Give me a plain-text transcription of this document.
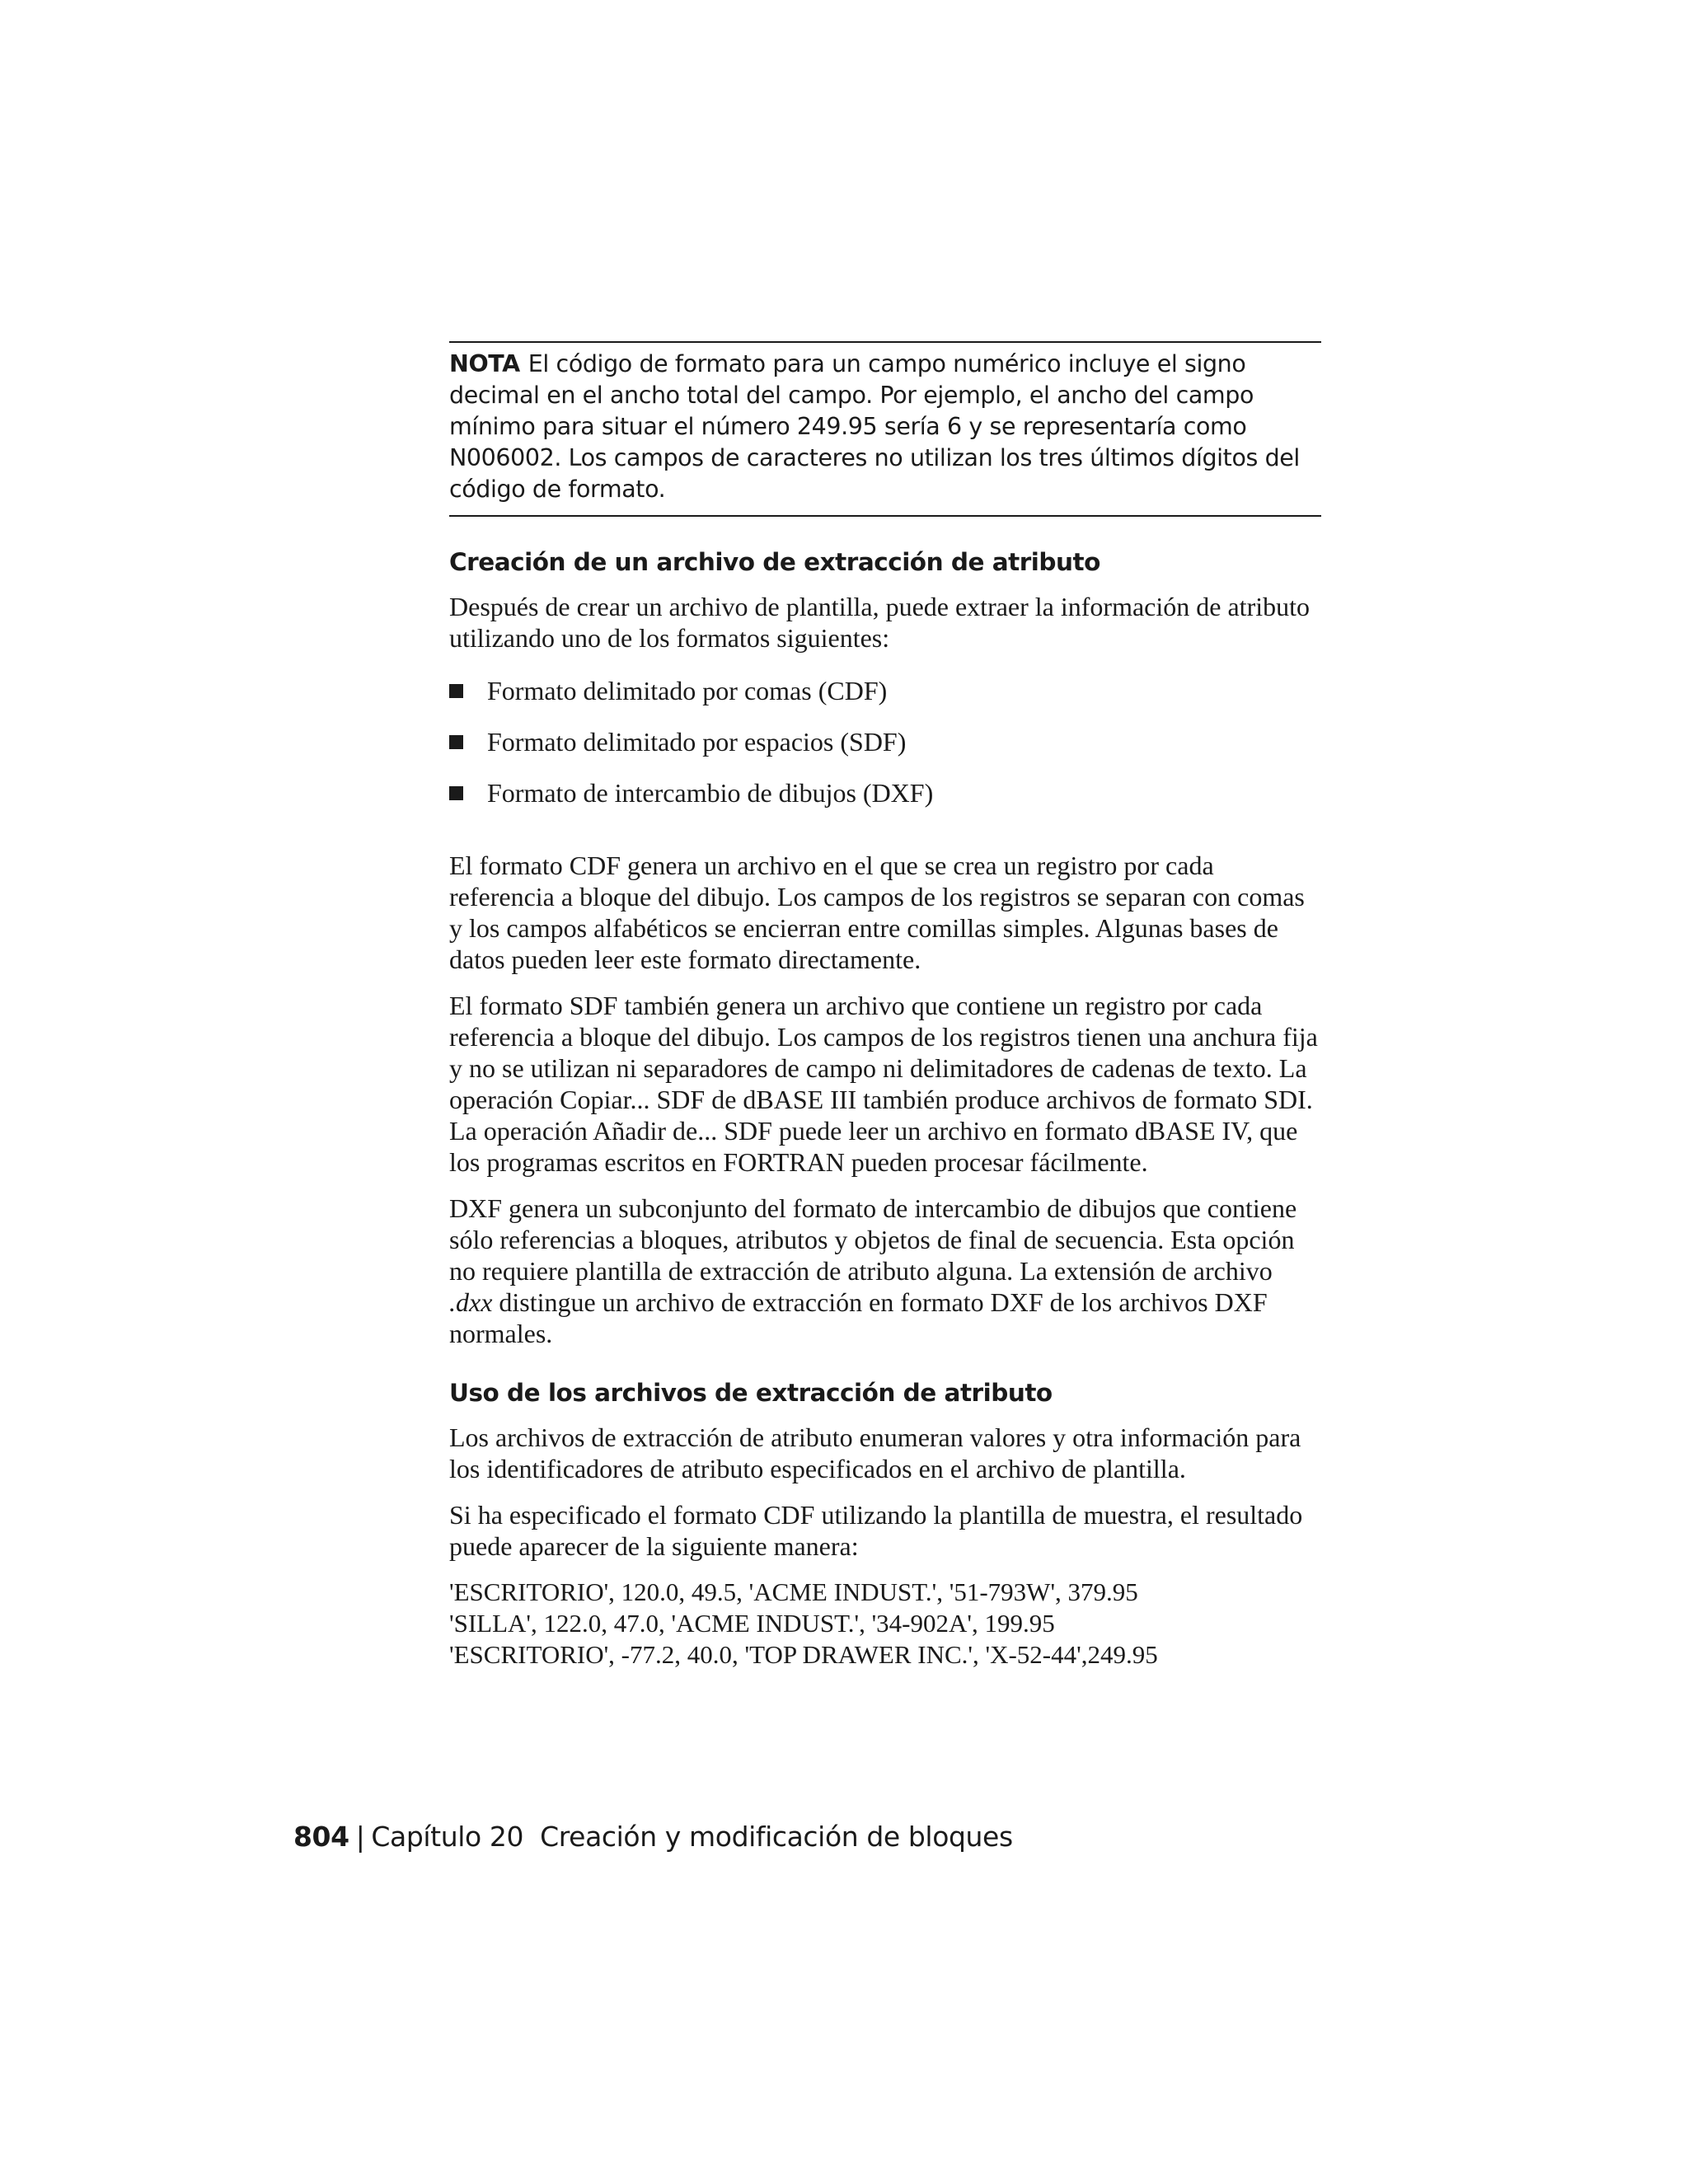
NOTA El código de formato para un campo numérico incluye el signo decimal en el ancho total del campo. Por ejemplo, el ancho del campo mínimo para situar el número 249.95 sería 6 y se representaría como N006002. Los campos de caracteres no utilizan los tres últimos dígitos del código de formato.
Creación de un archivo de extracción de atributo

Después de crear un archivo de plantilla, puede extraer la información de atributo utilizando uno de los formatos siguientes:

Formato delimitado por comas (CDF)
Formato delimitado por espacios (SDF)
Formato de intercambio de dibujos (DXF)

El formato CDF genera un archivo en el que se crea un registro por cada referencia a bloque del dibujo. Los campos de los registros se separan con comas y los campos alfabéticos se encierran entre comillas simples. Algunas bases de datos pueden leer este formato directamente.

El formato SDF también genera un archivo que contiene un registro por cada referencia a bloque del dibujo. Los campos de los registros tienen una anchura fija y no se utilizan ni separadores de campo ni delimitadores de cadenas de texto. La operación Copiar... SDF de dBASE III también produce archivos de formato SDI. La operación Añadir de... SDF puede leer un archivo en formato dBASE IV, que los programas escritos en FORTRAN pueden procesar fácilmente.

DXF genera un subconjunto del formato de intercambio de dibujos que contiene sólo referencias a bloques, atributos y objetos de final de secuencia. Esta opción no requiere plantilla de extracción de atributo alguna. La extensión de archivo .dxx distingue un archivo de extracción en formato DXF de los archivos DXF normales.

Uso de los archivos de extracción de atributo

Los archivos de extracción de atributo enumeran valores y otra información para los identificadores de atributo especificados en el archivo de plantilla.

Si ha especificado el formato CDF utilizando la plantilla de muestra, el resultado puede aparecer de la siguiente manera:

'ESCRITORIO', 120.0, 49.5, 'ACME INDUST.', '51-793W', 379.95
'SILLA', 122.0, 47.0, 'ACME INDUST.', '34-902A', 199.95
'ESCRITORIO', -77.2, 40.0, 'TOP DRAWER INC.', 'X-52-44',249.95
804 | Capítulo 20 Creación y modificación de bloques
